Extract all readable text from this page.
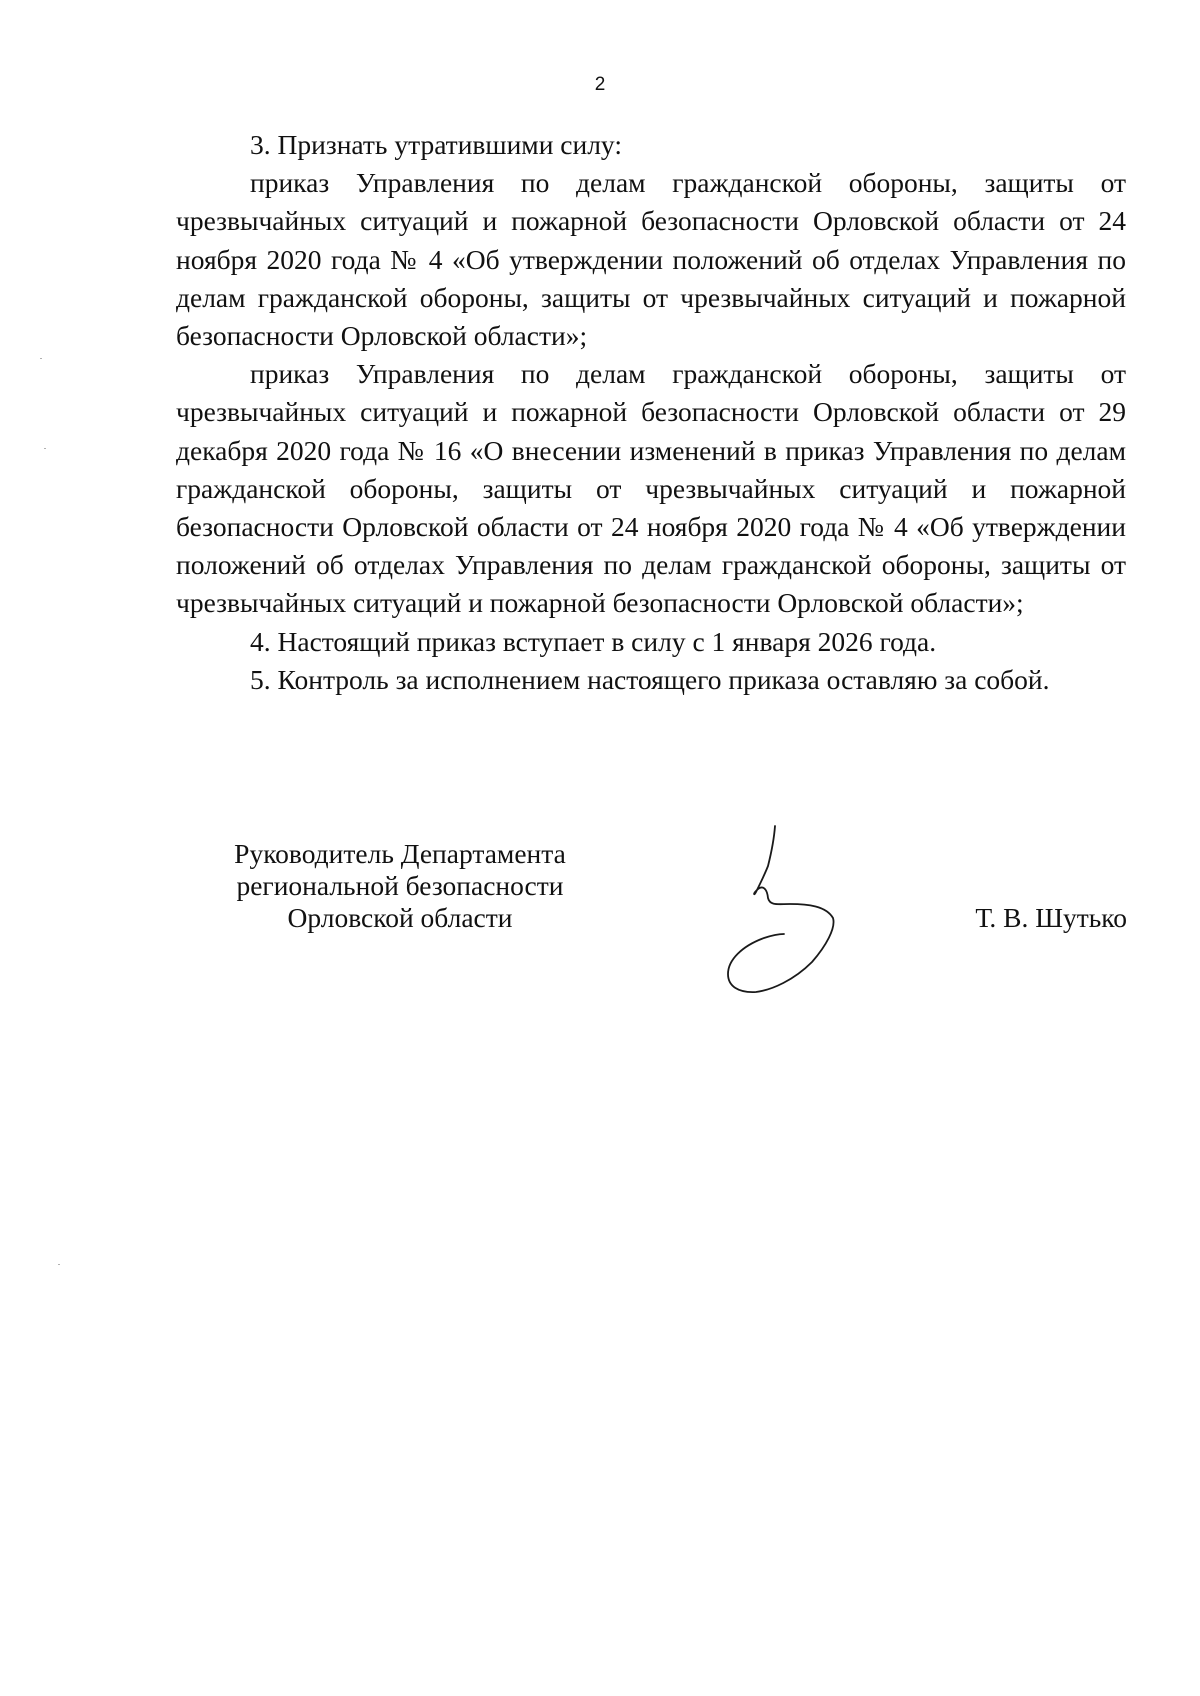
2

3. Признать утратившими силу:

приказ Управления по делам гражданской обороны, защиты от чрезвычайных ситуаций и пожарной безопасности Орловской области от 24 ноября 2020 года № 4 «Об утверждении положений об отделах Управления по делам гражданской обороны, защиты от чрезвычайных ситуаций и пожарной безопасности Орловской области»;

приказ Управления по делам гражданской обороны, защиты от чрезвычайных ситуаций и пожарной безопасности Орловской области от 29 декабря 2020 года № 16 «О внесении изменений в приказ Управления по делам гражданской обороны, защиты от чрезвычайных ситуаций и пожарной безопасности Орловской области от 24 ноября 2020 года № 4 «Об утверждении положений об отделах Управления по делам гражданской обороны, защиты от чрезвычайных ситуаций и пожарной безопасности Орловской области»;

4. Настоящий приказ вступает в силу с 1 января 2026 года.

5. Контроль за исполнением настоящего приказа оставляю за собой.

Руководитель Департамента
региональной безопасности
Орловской области	Т. В. Шутько
